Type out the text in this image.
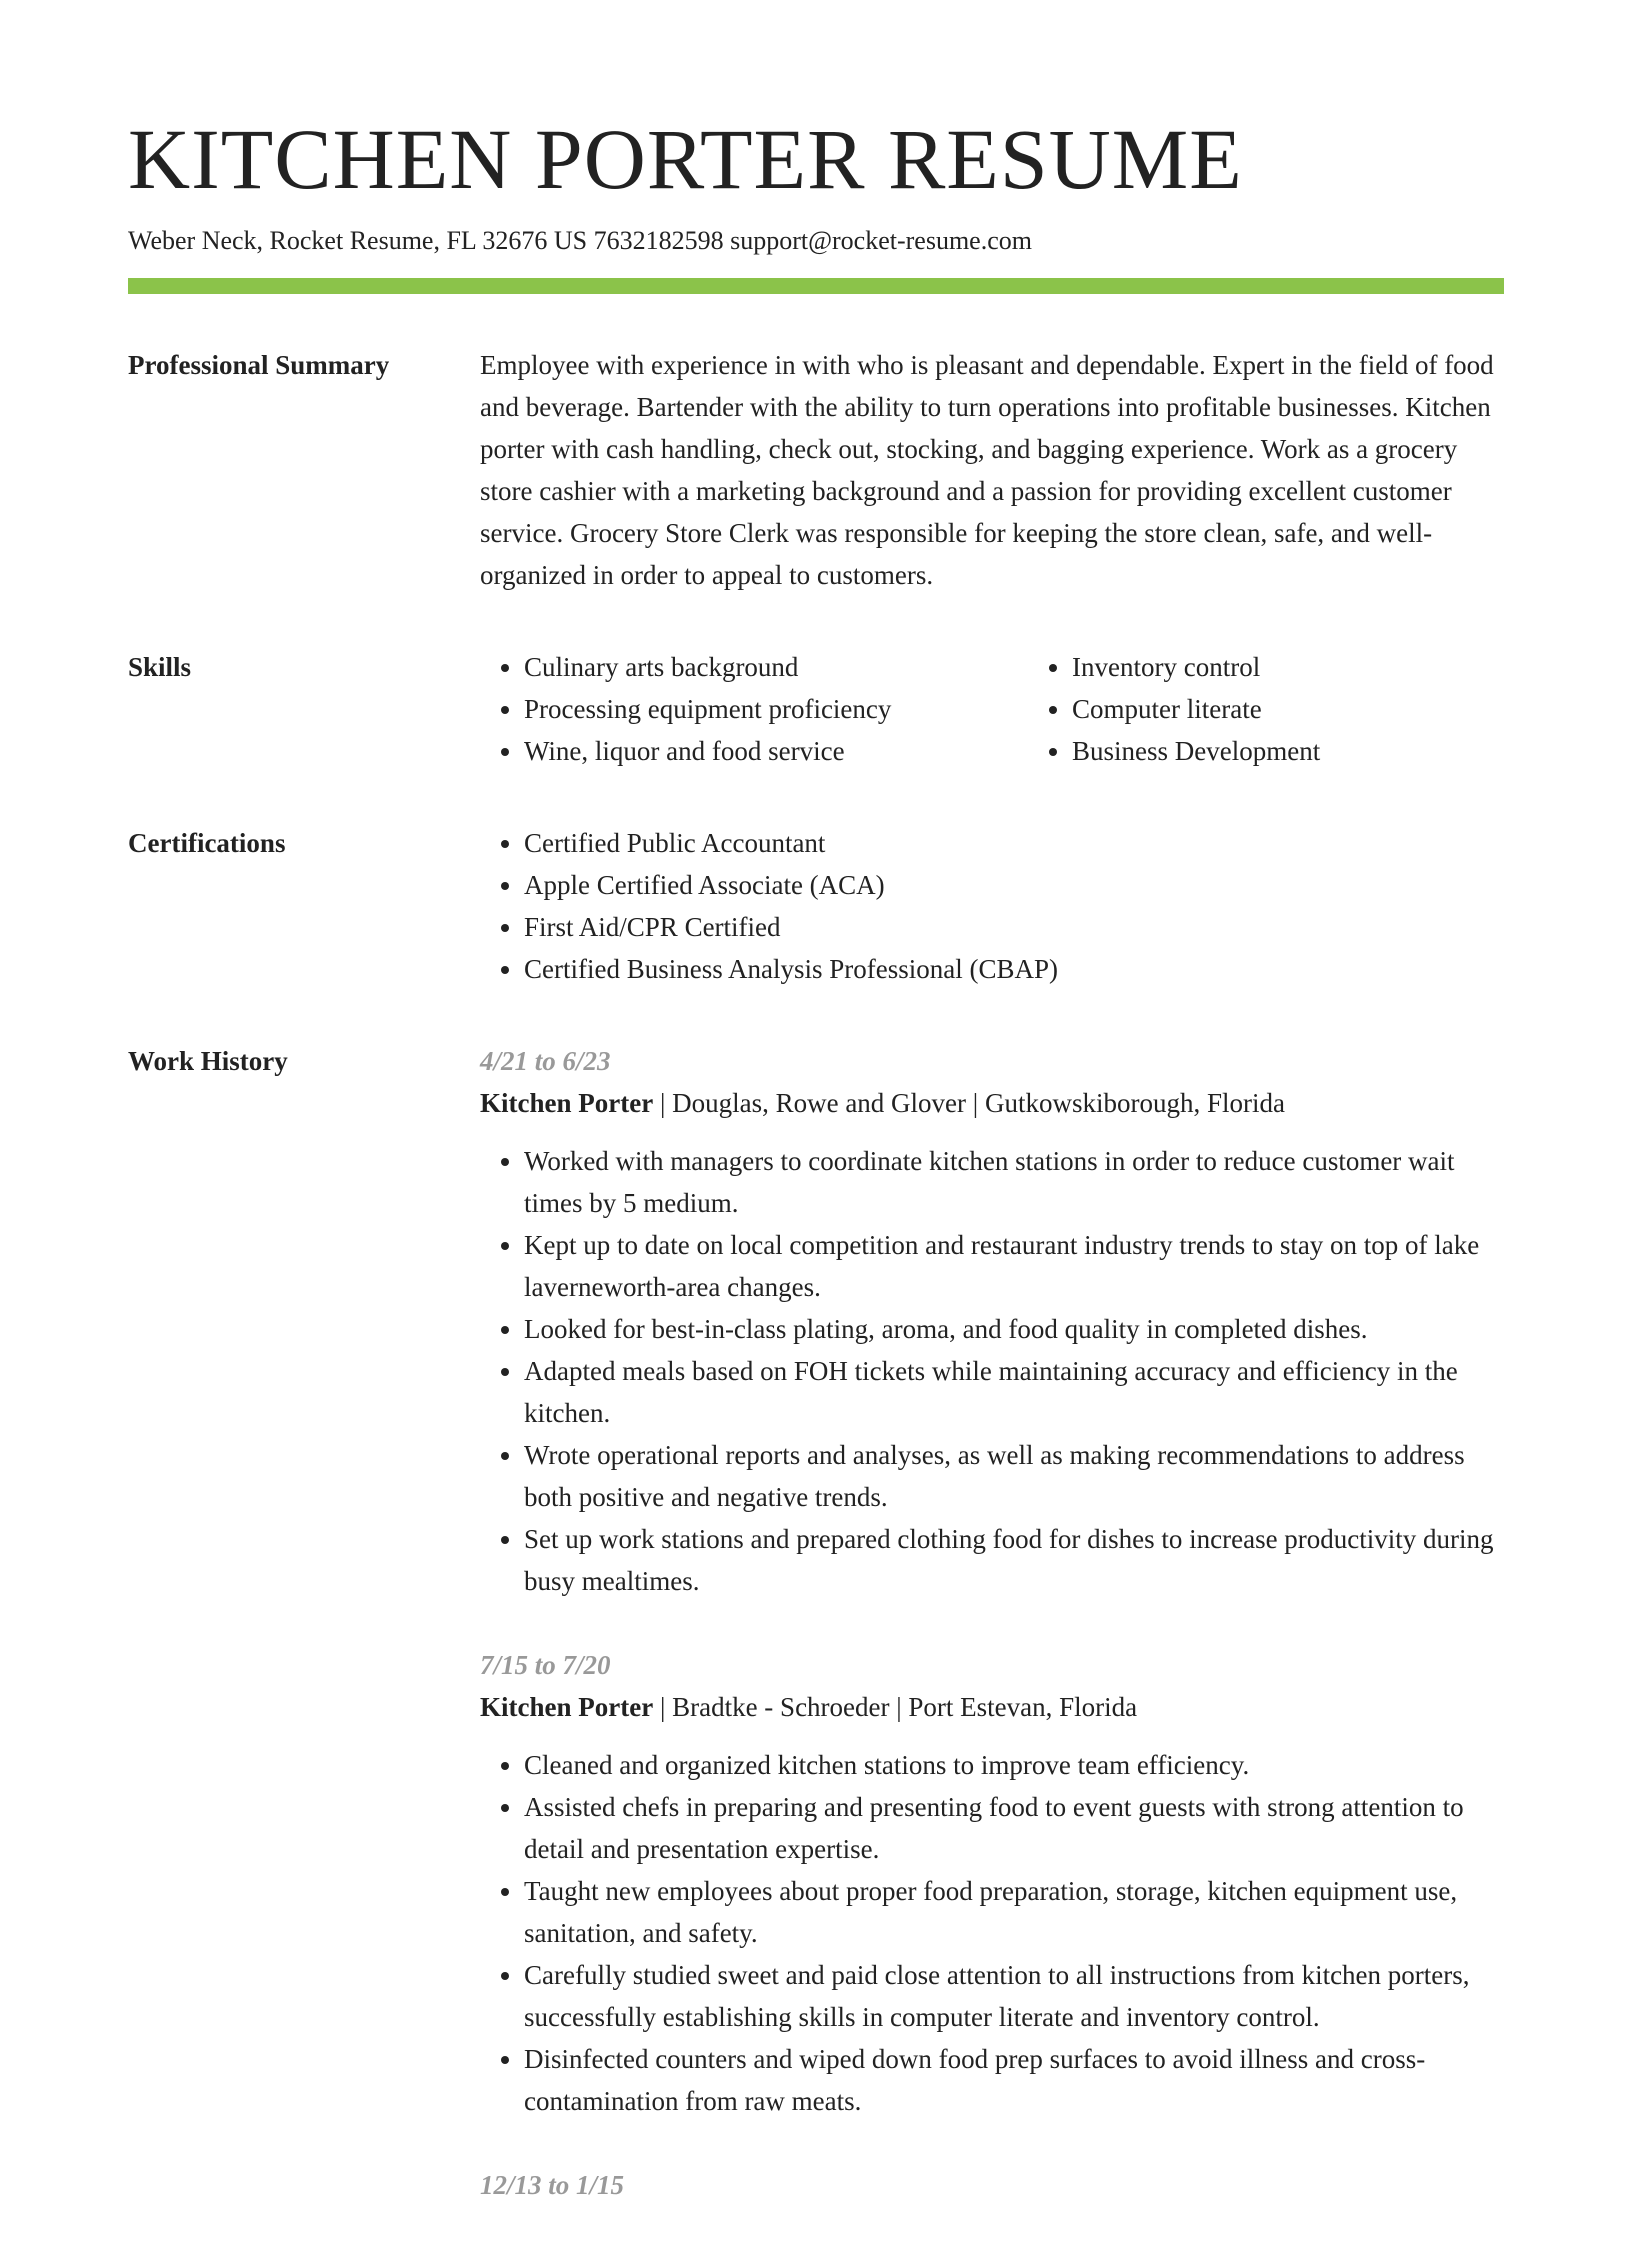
KITCHEN PORTER RESUME
Weber Neck, Rocket Resume, FL 32676 US 7632182598 support@rocket-resume.com
Professional Summary	Employee with experience in with who is pleasant and dependable. Expert in the field of food and beverage. Bartender with the ability to turn operations into profitable businesses. Kitchen porter with cash handling, check out, stocking, and bagging experience. Work as a grocery store cashier with a marketing background and a passion for providing excellent customer service. Grocery Store Clerk was responsible for keeping the store clean, safe, and well-organized in order to appeal to customers.

Skills	• Culinary arts background
• Processing equipment proficiency
• Wine, liquor and food service
• Inventory control
• Computer literate
• Business Development
Certifications	• Certified Public Accountant
• Apple Certified Associate (ACA)
• First Aid/CPR Certified
• Certified Business Analysis Professional (CBAP)
Work History	4/21 to 6/23
Kitchen Porter | Douglas, Rowe and Glover | Gutkowskiborough, Florida
• Worked with managers to coordinate kitchen stations in order to reduce customer wait times by 5 medium.
• Kept up to date on local competition and restaurant industry trends to stay on top of lake laverneworth-area changes.
• Looked for best-in-class plating, aroma, and food quality in completed dishes.
• Adapted meals based on FOH tickets while maintaining accuracy and efficiency in the kitchen.
• Wrote operational reports and analyses, as well as making recommendations to address both positive and negative trends.
• Set up work stations and prepared clothing food for dishes to increase productivity during busy mealtimes.
7/15 to 7/20
Kitchen Porter | Bradtke - Schroeder | Port Estevan, Florida
• Cleaned and organized kitchen stations to improve team efficiency.
• Assisted chefs in preparing and presenting food to event guests with strong attention to detail and presentation expertise.
• Taught new employees about proper food preparation, storage, kitchen equipment use, sanitation, and safety.
• Carefully studied sweet and paid close attention to all instructions from kitchen porters, successfully establishing skills in computer literate and inventory control.
• Disinfected counters and wiped down food prep surfaces to avoid illness and cross-contamination from raw meats.
12/13 to 1/15
